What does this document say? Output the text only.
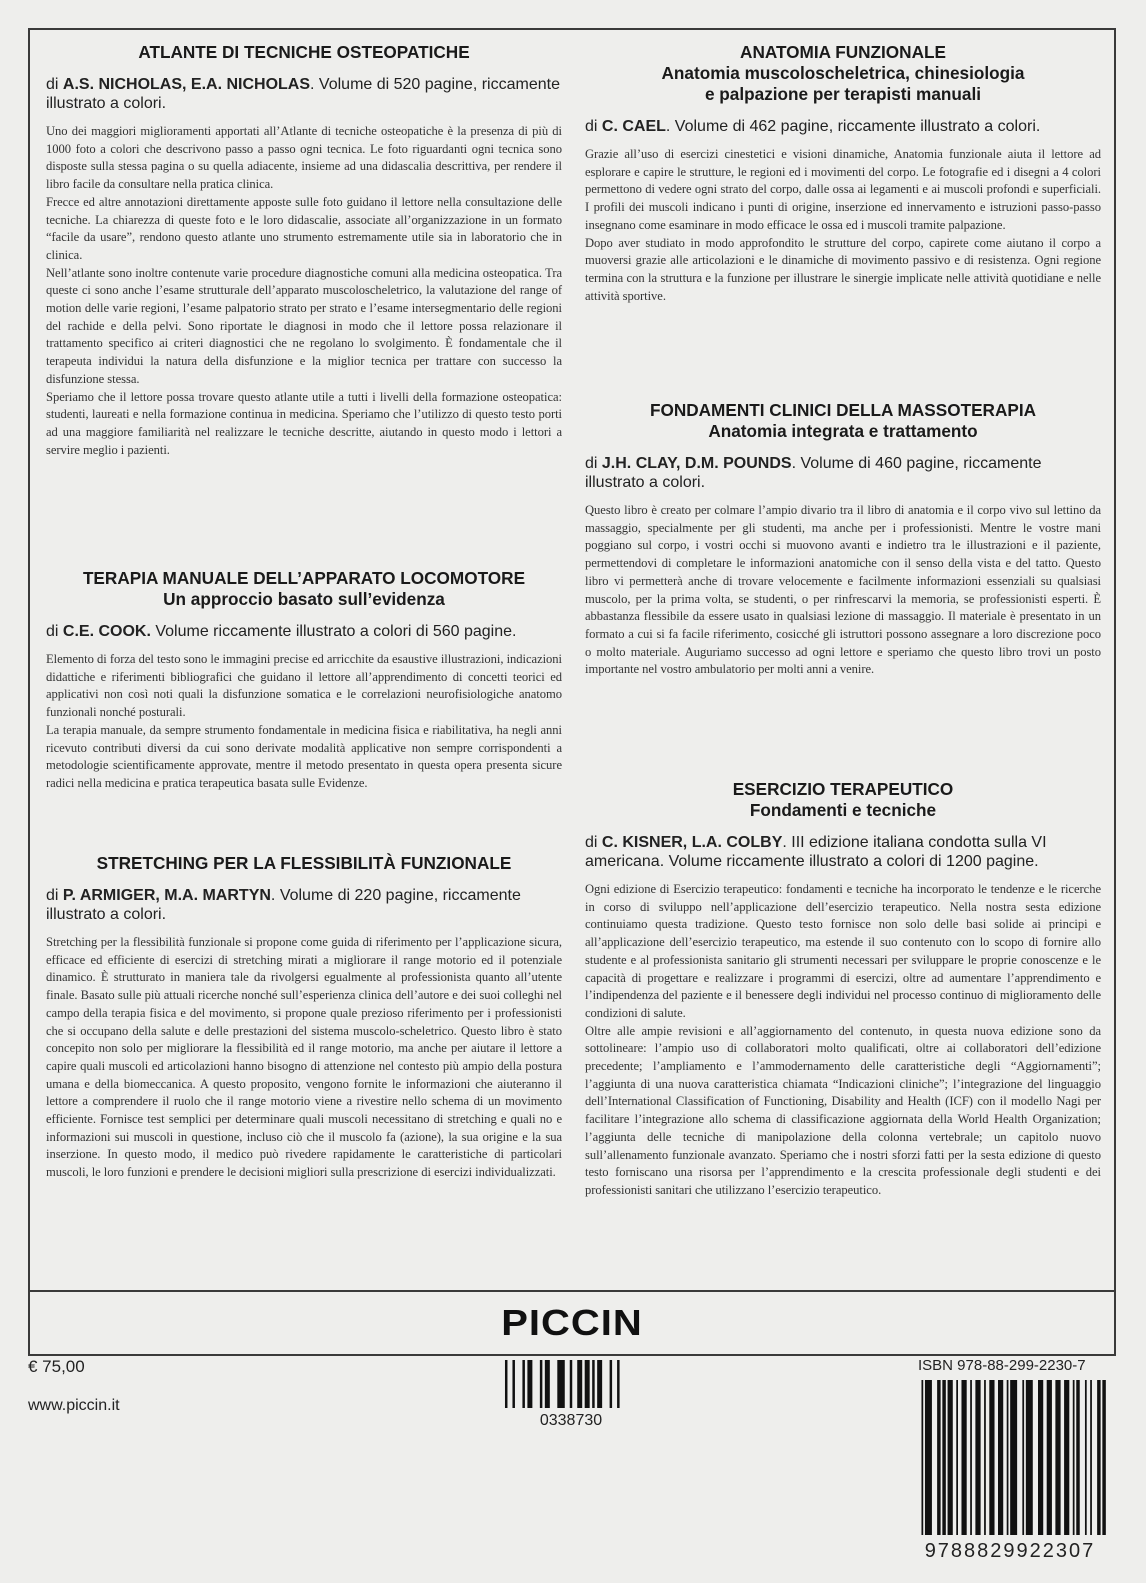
ATLANTE DI TECNICHE OSTEOPATICHE

di A.S. NICHOLAS, E.A. NICHOLAS. Volume di 520 pagine, riccamente illustrato a colori.

Uno dei maggiori miglioramenti apportati all’Atlante di tecniche osteopatiche è la presenza di più di 1000 foto a colori che descrivono passo a passo ogni tecnica. Le foto riguardanti ogni tecnica sono disposte sulla stessa pagina o su quella adiacente, insieme ad una didascalia descrittiva, per rendere il libro facile da consultare nella pratica clinica.

Frecce ed altre annotazioni direttamente apposte sulle foto guidano il lettore nella consultazione delle tecniche. La chiarezza di queste foto e le loro didascalie, associate all’organizzazione in un formato “facile da usare”, rendono questo atlante uno strumento estremamente utile sia in laboratorio che in clinica.

Nell’atlante sono inoltre contenute varie procedure diagnostiche comuni alla medicina osteopatica. Tra queste ci sono anche l’esame strutturale dell’apparato muscoloscheletrico, la valutazione del range of motion delle varie regioni, l’esame palpatorio strato per strato e l’esame intersegmentario delle regioni del rachide e della pelvi. Sono riportate le diagnosi in modo che il lettore possa relazionare il trattamento specifico ai criteri diagnostici che ne regolano lo svolgimento. È fondamentale che il terapeuta individui la natura della disfunzione e la miglior tecnica per trattare con successo la disfunzione stessa.

Speriamo che il lettore possa trovare questo atlante utile a tutti i livelli della formazione osteopatica: studenti, laureati e nella formazione continua in medicina. Speriamo che l’utilizzo di questo testo porti ad una maggiore familiarità nel realizzare le tecniche descritte, aiutando in questo modo i lettori a servire meglio i pazienti.

TERAPIA MANUALE DELL’APPARATO LOCOMOTORE
Un approccio basato sull’evidenza

di C.E. COOK. Volume riccamente illustrato a colori di 560 pagine.

Elemento di forza del testo sono le immagini precise ed arricchite da esaustive illustrazioni, indicazioni didattiche e riferimenti bibliografici che guidano il lettore all’apprendimento di concetti teorici ed applicativi non così noti quali la disfunzione somatica e le correlazioni neurofisiologiche anatomo funzionali nonché posturali.

La terapia manuale, da sempre strumento fondamentale in medicina fisica e riabilitativa, ha negli anni ricevuto contributi diversi da cui sono derivate modalità applicative non sempre corrispondenti a metodologie scientificamente approvate, mentre il metodo presentato in questa opera presenta sicure radici nella medicina e pratica terapeutica basata sulle Evidenze.

STRETCHING PER LA FLESSIBILITÀ FUNZIONALE

di P. ARMIGER, M.A. MARTYN. Volume di 220 pagine, riccamente illustrato a colori.

Stretching per la flessibilità funzionale si propone come guida di riferimento per l’applicazione sicura, efficace ed efficiente di esercizi di stretching mirati a migliorare il range motorio ed il potenziale dinamico. È strutturato in maniera tale da rivolgersi egualmente al professionista quanto all’utente finale. Basato sulle più attuali ricerche nonché sull’esperienza clinica dell’autore e dei suoi colleghi nel campo della terapia fisica e del movimento, si propone quale prezioso riferimento per i professionisti che si occupano della salute e delle prestazioni del sistema muscolo-scheletrico. Questo libro è stato concepito non solo per migliorare la flessibilità ed il range motorio, ma anche per aiutare il lettore a capire quali muscoli ed articolazioni hanno bisogno di attenzione nel contesto più ampio della postura umana e della biomeccanica. A questo proposito, vengono fornite le informazioni che aiuteranno il lettore a comprendere il ruolo che il range motorio viene a rivestire nello schema di un movimento efficiente. Fornisce test semplici per determinare quali muscoli necessitano di stretching e quali no e informazioni sui muscoli in questione, incluso ciò che il muscolo fa (azione), la sua origine e la sua inserzione. In questo modo, il medico può rivedere rapidamente le caratteristiche di particolari muscoli, le loro funzioni e prendere le decisioni migliori sulla prescrizione di esercizi individualizzati.

ANATOMIA FUNZIONALE
Anatomia muscoloscheletrica, chinesiologia
e palpazione per terapisti manuali

di C. CAEL. Volume di 462 pagine, riccamente illustrato a colori.

Grazie all’uso di esercizi cinestetici e visioni dinamiche, Anatomia funzionale aiuta il lettore ad esplorare e capire le strutture, le regioni ed i movimenti del corpo. Le fotografie ed i disegni a 4 colori permettono di vedere ogni strato del corpo, dalle ossa ai legamenti e ai muscoli profondi e superficiali. I profili dei muscoli indicano i punti di origine, inserzione ed innervamento e istruzioni passo-passo insegnano come esaminare in modo efficace le ossa ed i muscoli tramite palpazione.

Dopo aver studiato in modo approfondito le strutture del corpo, capirete come aiutano il corpo a muoversi grazie alle articolazioni e le dinamiche di movimento passivo e di resistenza. Ogni regione termina con la struttura e la funzione per illustrare le sinergie implicate nelle attività quotidiane e nelle attività sportive.

FONDAMENTI CLINICI DELLA MASSOTERAPIA
Anatomia integrata e trattamento

di J.H. CLAY, D.M. POUNDS. Volume di 460 pagine, riccamente illustrato a colori.

Questo libro è creato per colmare l’ampio divario tra il libro di anatomia e il corpo vivo sul lettino da massaggio, specialmente per gli studenti, ma anche per i professionisti. Mentre le vostre mani poggiano sul corpo, i vostri occhi si muovono avanti e indietro tra le illustrazioni e il paziente, permettendovi di completare le informazioni anatomiche con il senso della vista e del tatto. Questo libro vi permetterà anche di trovare velocemente e facilmente informazioni essenziali su qualsiasi muscolo, per la prima volta, se studenti, o per rinfrescarvi la memoria, se professionisti esperti. È abbastanza flessibile da essere usato in qualsiasi lezione di massaggio. Il materiale è presentato in un formato a cui si fa facile riferimento, cosicché gli istruttori possono assegnare a loro discrezione poco o molto materiale. Auguriamo successo ad ogni lettore e speriamo che questo libro trovi un posto importante nel vostro ambulatorio per molti anni a venire.

ESERCIZIO TERAPEUTICO
Fondamenti e tecniche

di C. KISNER, L.A. COLBY. III edizione italiana condotta sulla VI americana. Volume riccamente illustrato a colori di 1200 pagine.

Ogni edizione di Esercizio terapeutico: fondamenti e tecniche ha incorporato le tendenze e le ricerche in corso di sviluppo nell’applicazione dell’esercizio terapeutico. Nella nostra sesta edizione continuiamo questa tradizione. Questo testo fornisce non solo delle basi solide ai principi e all’applicazione dell’esercizio terapeutico, ma estende il suo contenuto con lo scopo di fornire allo studente e al professionista sanitario gli strumenti necessari per sviluppare le proprie conoscenze e le capacità di progettare e realizzare i programmi di esercizi, oltre ad aumentare l’apprendimento e l’indipendenza del paziente e il benessere degli individui nel processo continuo di miglioramento delle condizioni di salute.

Oltre alle ampie revisioni e all’aggiornamento del contenuto, in questa nuova edizione sono da sottolineare: l’ampio uso di collaboratori molto qualificati, oltre ai collaboratori dell’edizione precedente; l’ampliamento e l’ammodernamento delle caratteristiche degli “Aggiornamenti”; l’aggiunta di una nuova caratteristica chiamata “Indicazioni cliniche”; l’integrazione del linguaggio dell’International Classification of Functioning, Disability and Health (ICF) con il modello Nagi per facilitare l’integrazione allo schema di classificazione aggiornata della World Health Organization; l’aggiunta delle tecniche di manipolazione della colonna vertebrale; un capitolo nuovo sull’allenamento funzionale avanzato. Speriamo che i nostri sforzi fatti per la sesta edizione di questo testo forniscano una risorsa per l’apprendimento e la crescita professionale degli studenti e dei professionisti sanitari che utilizzano l’esercizio terapeutico.

PICCIN
€ 75,00
www.piccin.it
0338730
ISBN 978-88-299-2230-7
9788829922307
